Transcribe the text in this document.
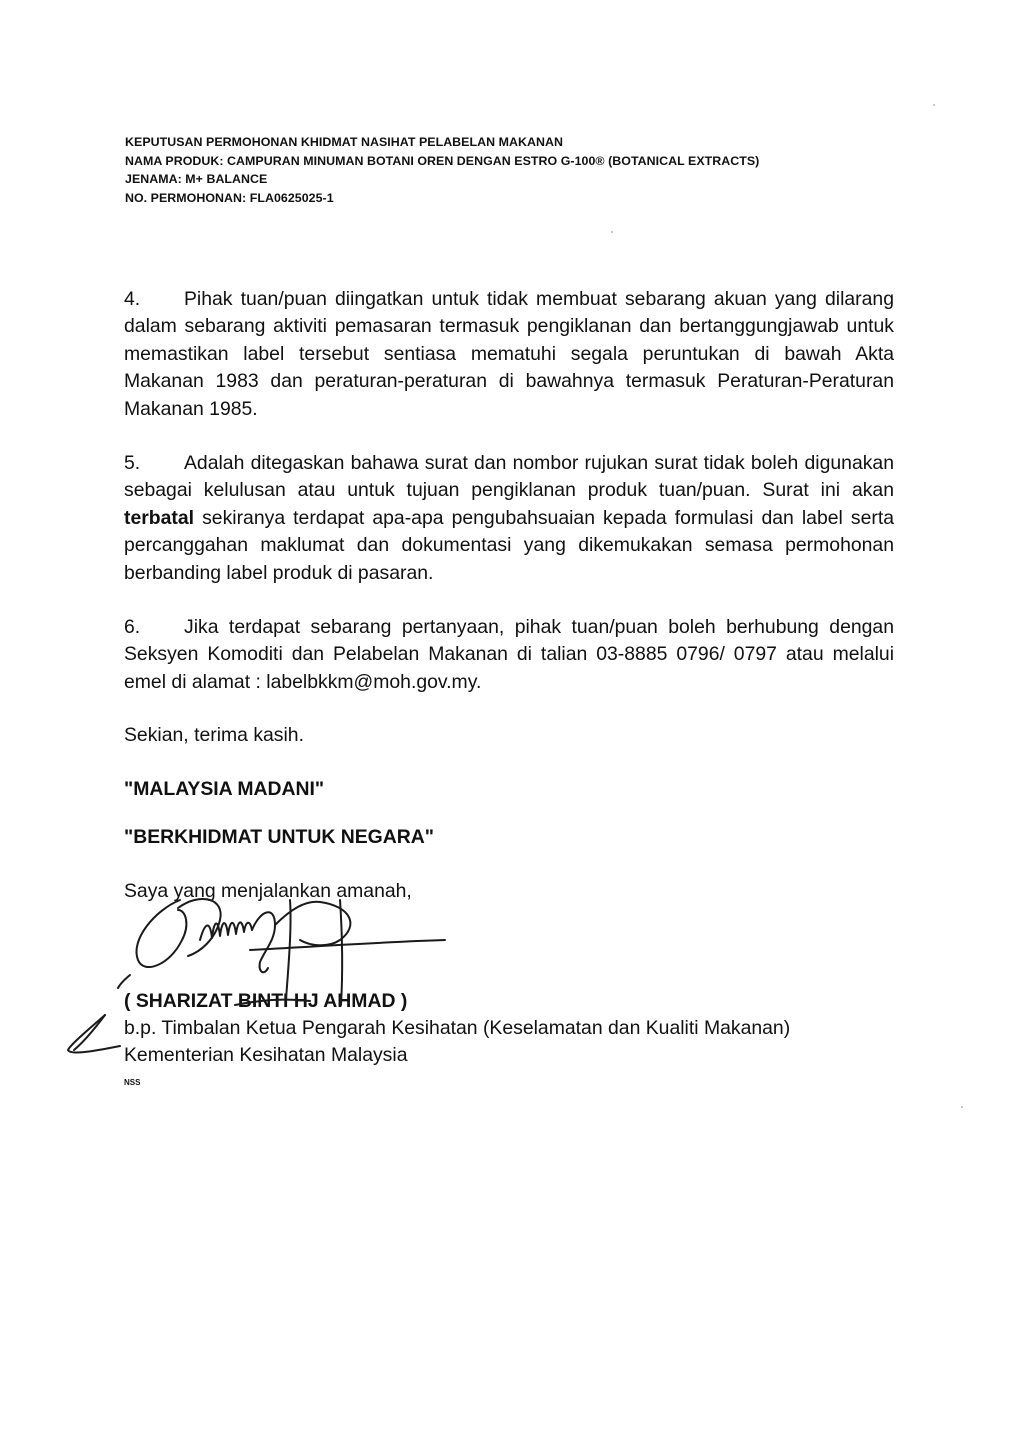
KEPUTUSAN PERMOHONAN KHIDMAT NASIHAT PELABELAN MAKANAN
NAMA PRODUK: CAMPURAN MINUMAN BOTANI OREN DENGAN ESTRO G-100® (BOTANICAL EXTRACTS)
JENAMA: M+ BALANCE
NO. PERMOHONAN: FLA0625025-1
4. Pihak tuan/puan diingatkan untuk tidak membuat sebarang akuan yang dilarang dalam sebarang aktiviti pemasaran termasuk pengiklanan dan bertanggungjawab untuk memastikan label tersebut sentiasa mematuhi segala peruntukan di bawah Akta Makanan 1983 dan peraturan-peraturan di bawahnya termasuk Peraturan-Peraturan Makanan 1985.
5. Adalah ditegaskan bahawa surat dan nombor rujukan surat tidak boleh digunakan sebagai kelulusan atau untuk tujuan pengiklanan produk tuan/puan. Surat ini akan terbatal sekiranya terdapat apa-apa pengubahsuaian kepada formulasi dan label serta percanggahan maklumat dan dokumentasi yang dikemukakan semasa permohonan berbanding label produk di pasaran.
6. Jika terdapat sebarang pertanyaan, pihak tuan/puan boleh berhubung dengan Seksyen Komoditi dan Pelabelan Makanan di talian 03-8885 0796/ 0797 atau melalui emel di alamat : labelbkkm@moh.gov.my.
Sekian, terima kasih.
"MALAYSIA MADANI"
"BERKHIDMAT UNTUK NEGARA"
Saya yang menjalankan amanah,
( SHARIZAT BINTI HJ AHMAD )
b.p. Timbalan Ketua Pengarah Kesihatan (Keselamatan dan Kualiti Makanan)
Kementerian Kesihatan Malaysia
NSS
